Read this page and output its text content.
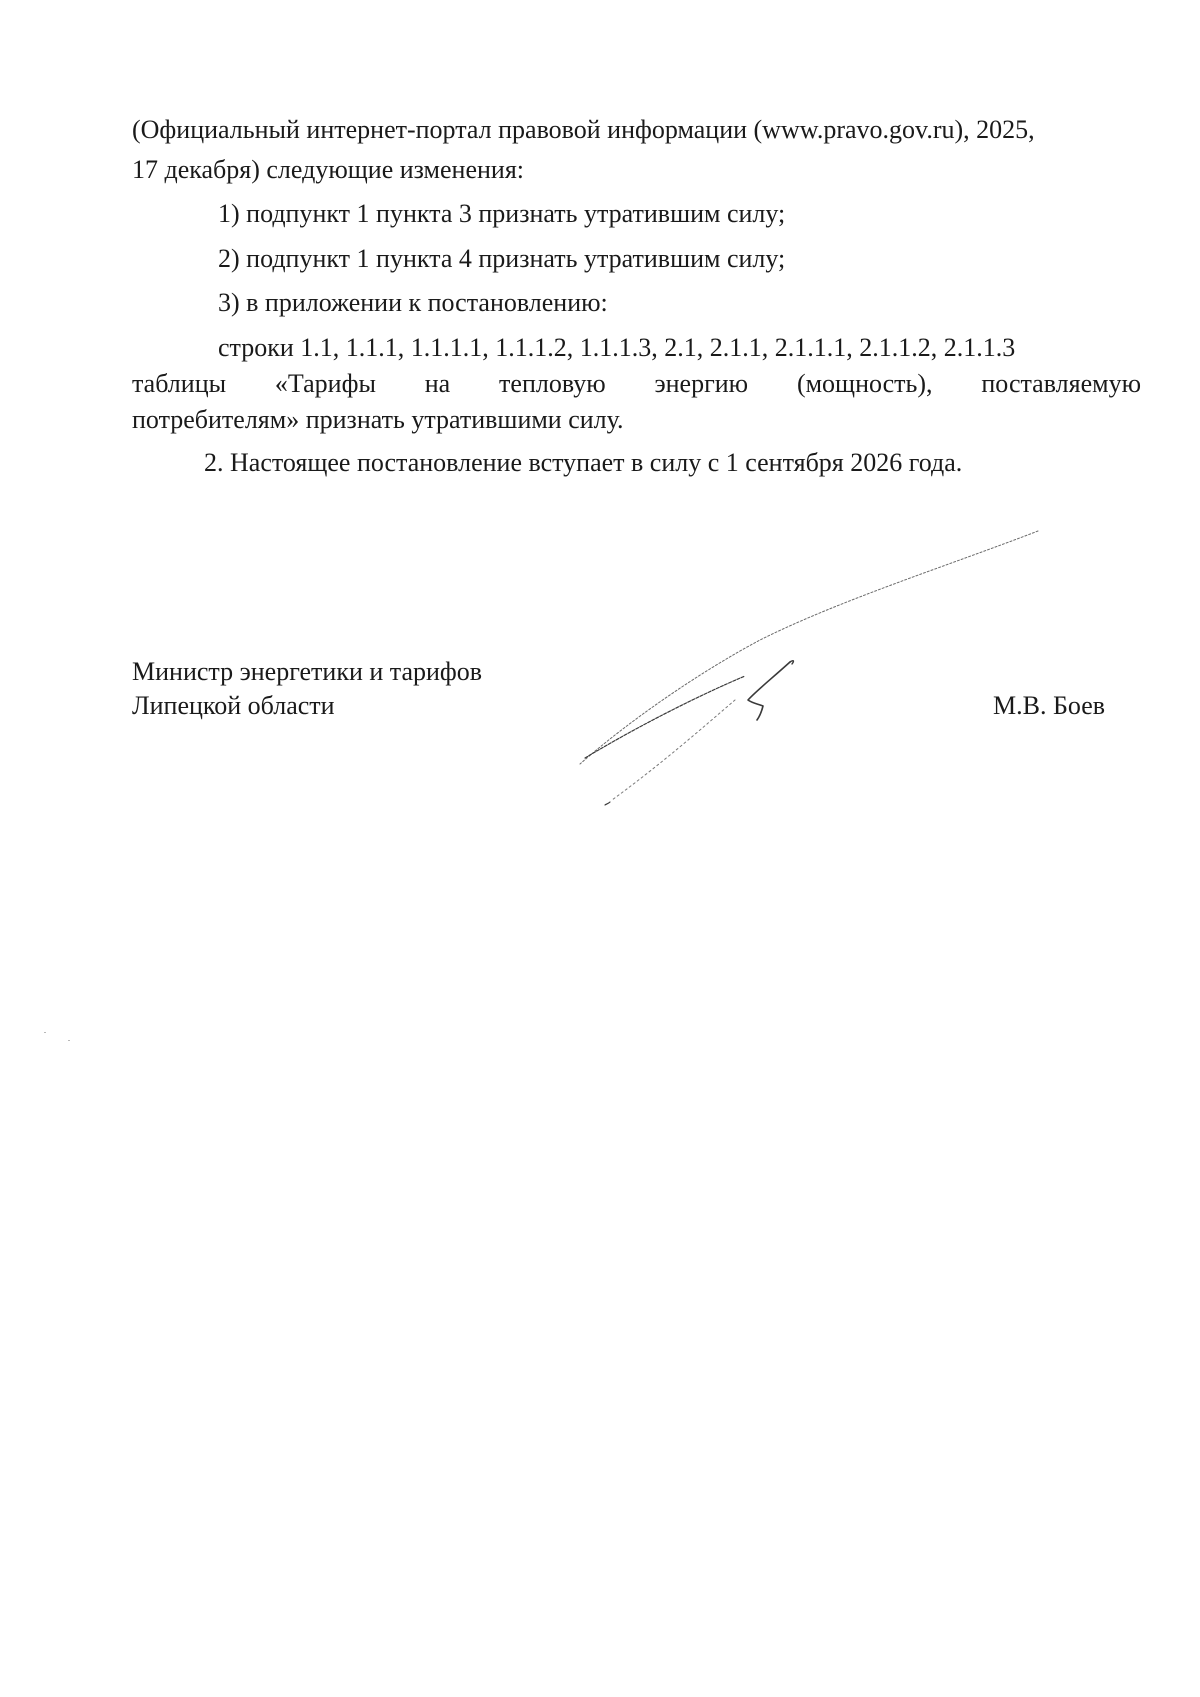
(Официальный интернет-портал правовой информации (www.pravo.gov.ru), 2025,
17 декабря) следующие изменения:
1) подпункт 1 пункта 3 признать утратившим силу;
2) подпункт 1 пункта 4 признать утратившим силу;
3) в приложении к постановлению:
строки 1.1, 1.1.1, 1.1.1.1, 1.1.1.2, 1.1.1.3, 2.1, 2.1.1, 2.1.1.1, 2.1.1.2, 2.1.1.3
таблицы «Тарифы на тепловую энергию (мощность), поставляемую
потребителям» признать утратившими силу.
2. Настоящее постановление вступает в силу с 1 сентября 2026 года.
Министр энергетики и тарифов
Липецкой области	М.В. Боев
